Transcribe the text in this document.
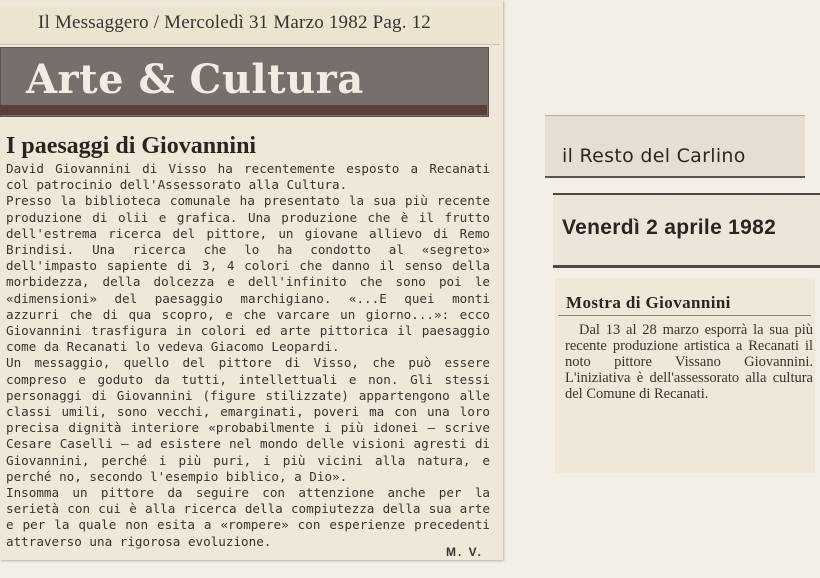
Il Messaggero / Mercoledì 31 Marzo 1982 Pag. 12
Arte & Cultura
I paesaggi di Giovannini

David Giovannini di Visso ha recentemente esposto a Recanati col patrocinio dell'Assessorato alla Cultura.

Presso la biblioteca comunale ha presentato la sua più recente produzione di olii e grafica. Una produzione che è il frutto dell'estrema ricerca del pittore, un giovane allievo di Remo Brindisi. Una ricerca che lo ha condotto al «segreto» dell'impasto sapiente di 3, 4 colori che danno il senso della morbidezza, della dolcezza e dell'infinito che sono poi le «dimensioni» del paesaggio marchigiano. «...E quei monti azzurri che di qua scopro, e che varcare un giorno...»: ecco Giovannini trasfigura in colori ed arte pittorica il paesaggio come da Recanati lo vedeva Giacomo Leopardi.

Un messaggio, quello del pittore di Visso, che può essere compreso e goduto da tutti, intellettuali e non. Gli stessi personaggi di Giovannini (figure stilizzate) appartengono alle classi umili, sono vecchi, emarginati, poveri ma con una loro precisa dignità interiore «probabilmente i più idonei — scrive Cesare Caselli — ad esistere nel mondo delle visioni agresti di Giovannini, perché i più puri, i più vicini alla natura, e perché no, secondo l'esempio biblico, a Dio».

Insomma un pittore da seguire con attenzione anche per la serietà con cui è alla ricerca della compiutezza della sua arte e per la quale non esita a «rompere» con esperienze precedenti attraverso una rigorosa evoluzione.

M. V.
il Resto del Carlino
Venerdì 2 aprile 1982
Mostra di Giovannini

Dal 13 al 28 marzo esporrà la sua più recente produzione artistica a Recanati il noto pittore Vissano Giovannini. L'iniziativa è dell'assessorato alla cultura del Comune di Recanati.
